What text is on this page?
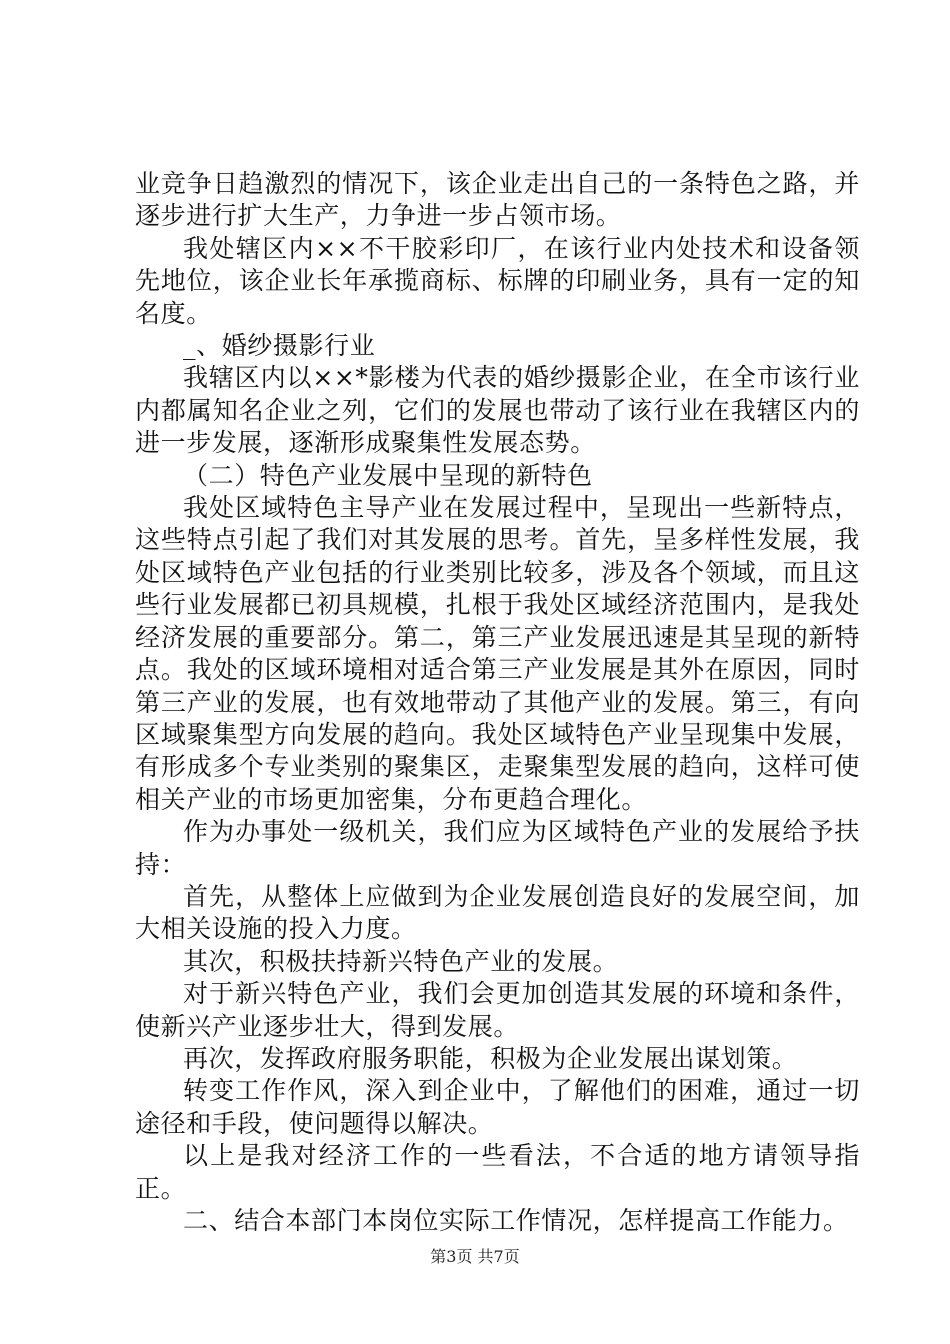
业竞争日趋激烈的情况下，该企业走出自己的一条特色之路，并逐步进行扩大生产，力争进一步占领市场。

我处辖区内××不干胶彩印厂，在该行业内处技术和设备领先地位，该企业长年承揽商标、标牌的印刷业务，具有一定的知名度。

_、婚纱摄影行业

我辖区内以××*影楼为代表的婚纱摄影企业，在全市该行业内都属知名企业之列，它们的发展也带动了该行业在我辖区内的进一步发展，逐渐形成聚集性发展态势。

（二）特色产业发展中呈现的新特色

我处区域特色主导产业在发展过程中，呈现出一些新特点，这些特点引起了我们对其发展的思考。首先，呈多样性发展，我处区域特色产业包括的行业类别比较多，涉及各个领域，而且这些行业发展都已初具规模，扎根于我处区域经济范围内，是我处经济发展的重要部分。第二，第三产业发展迅速是其呈现的新特点。我处的区域环境相对适合第三产业发展是其外在原因，同时第三产业的发展，也有效地带动了其他产业的发展。第三，有向区域聚集型方向发展的趋向。我处区域特色产业呈现集中发展，有形成多个专业类别的聚集区，走聚集型发展的趋向，这样可使相关产业的市场更加密集，分布更趋合理化。

作为办事处一级机关，我们应为区域特色产业的发展给予扶持：

首先，从整体上应做到为企业发展创造良好的发展空间，加大相关设施的投入力度。

其次，积极扶持新兴特色产业的发展。

对于新兴特色产业，我们会更加创造其发展的环境和条件，使新兴产业逐步壮大，得到发展。

再次，发挥政府服务职能，积极为企业发展出谋划策。

转变工作作风，深入到企业中，了解他们的困难，通过一切途径和手段，使问题得以解决。

以上是我对经济工作的一些看法，不合适的地方请领导指正。

二、结合本部门本岗位实际工作情况，怎样提高工作能力。

第3页 共7页
